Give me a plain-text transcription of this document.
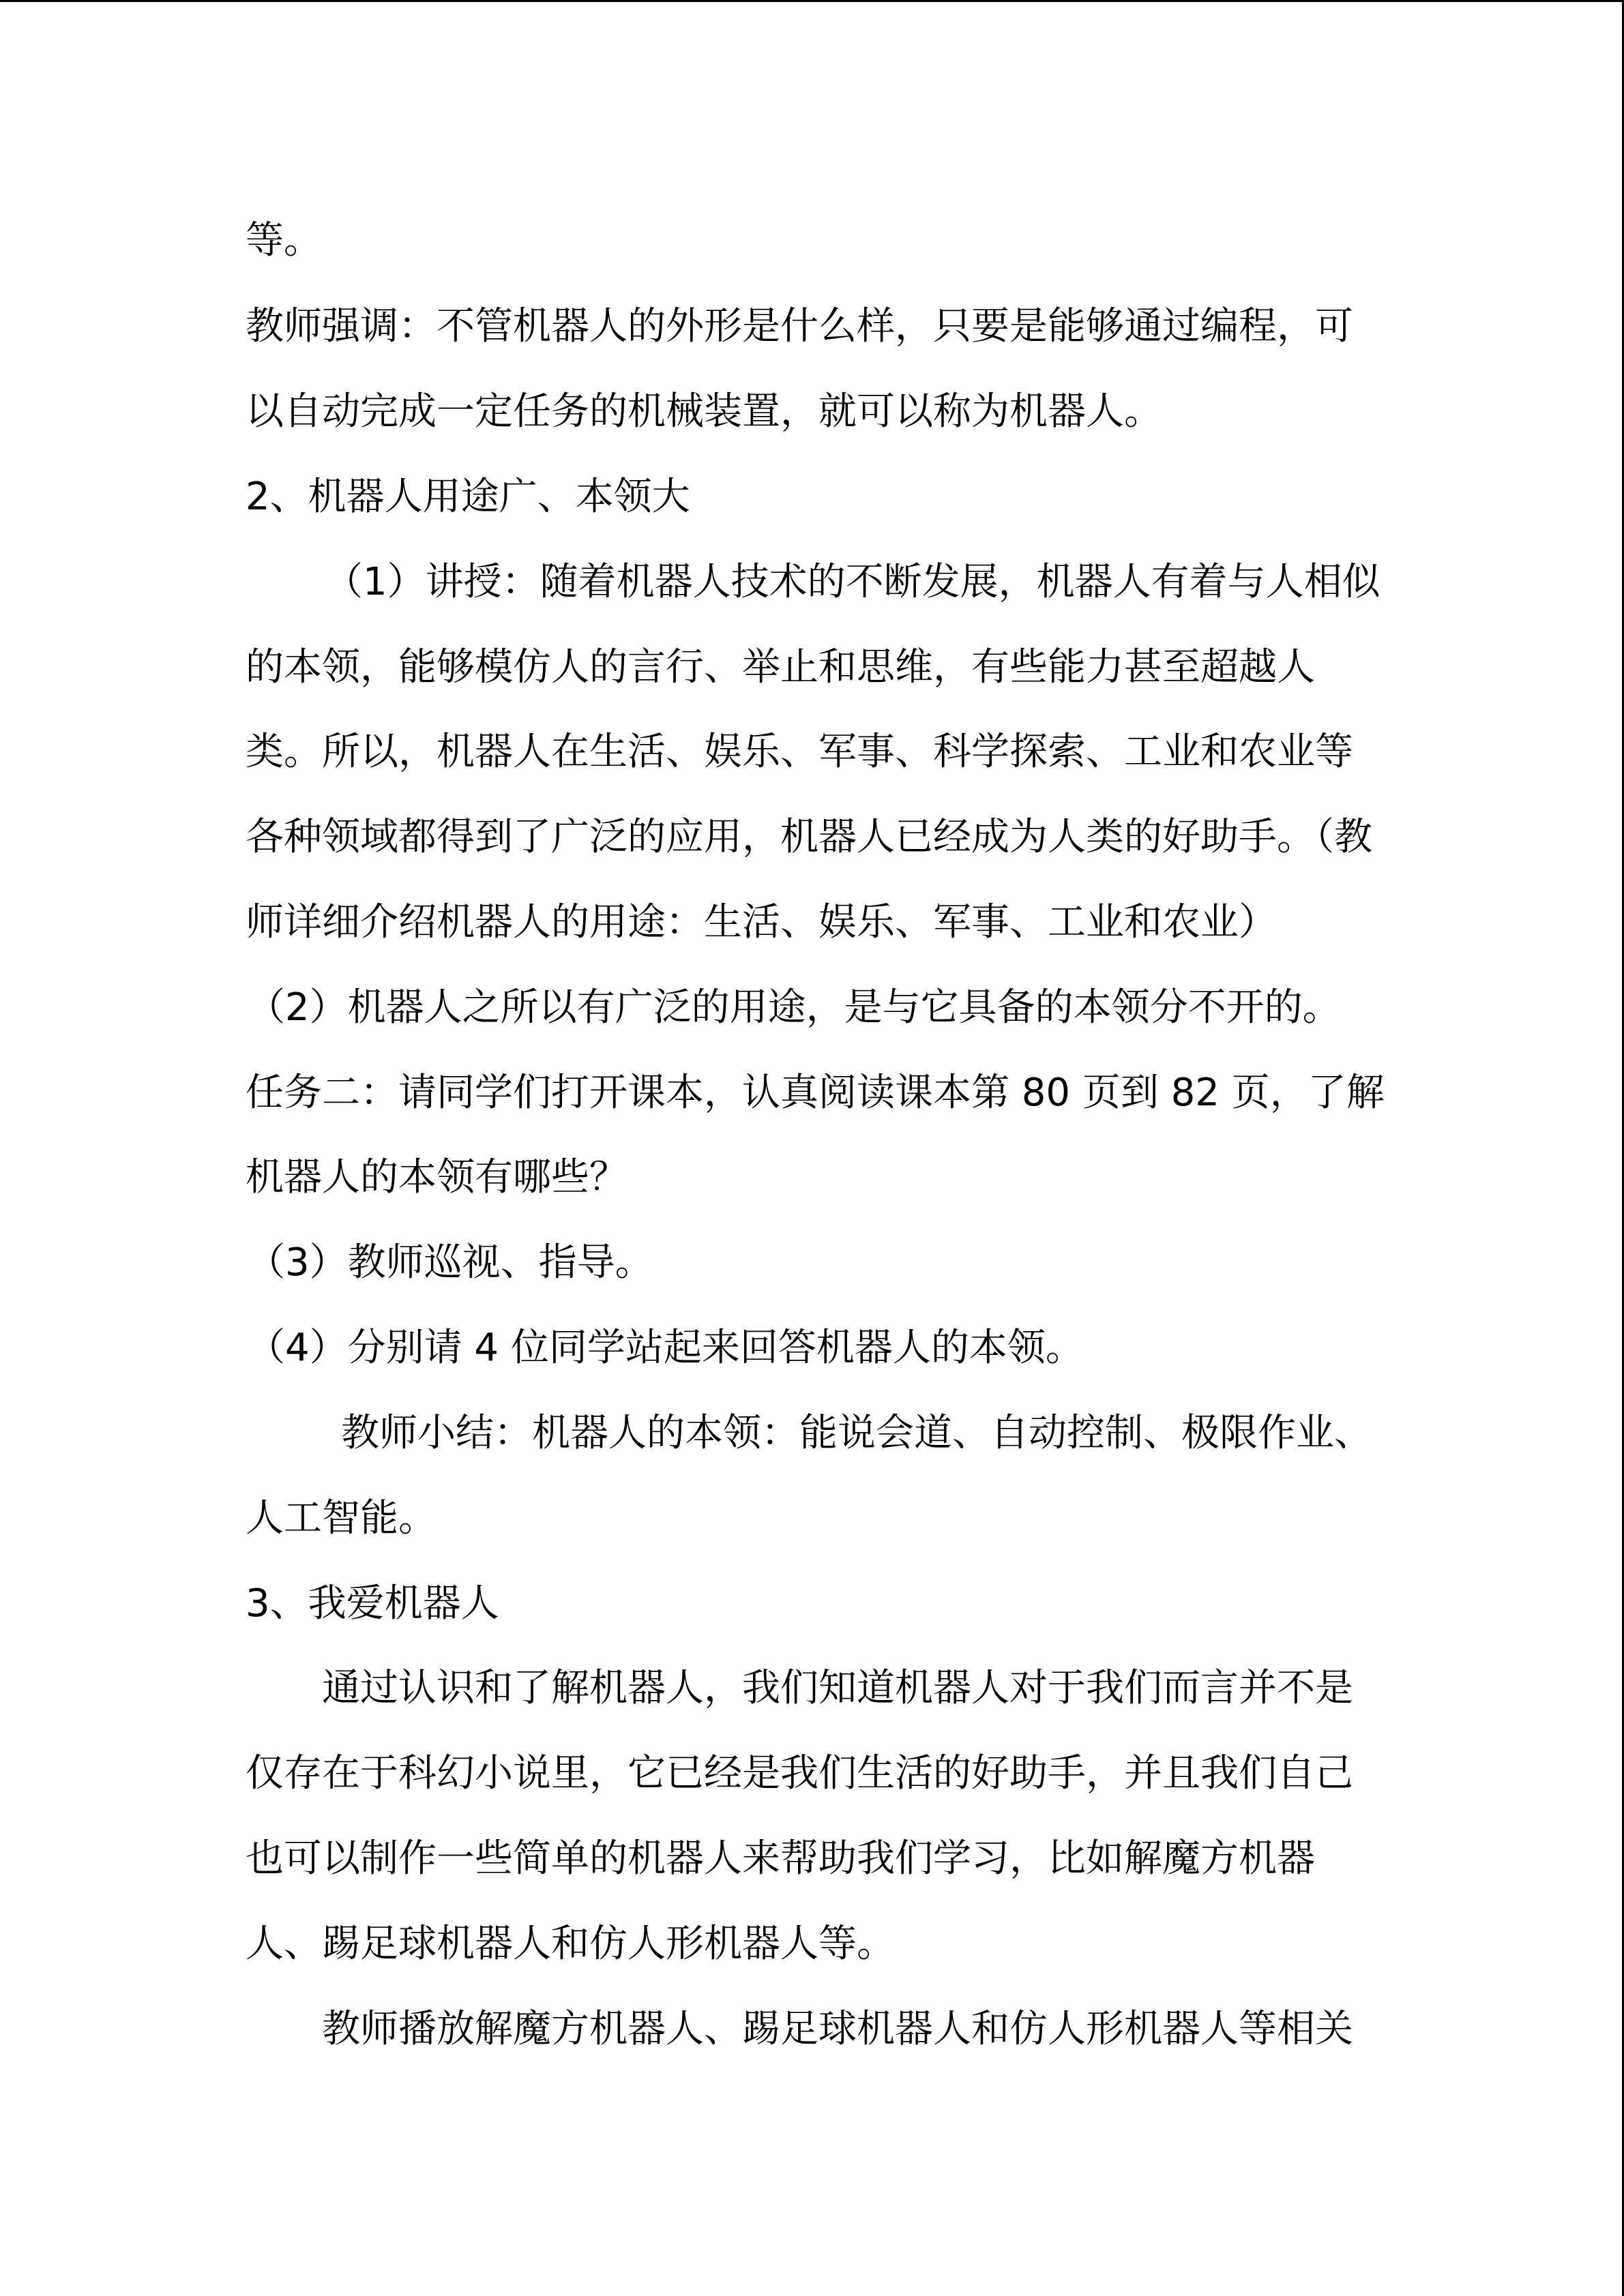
等。

教师强调：不管机器人的外形是什么样，只要是能够通过编程，可

以自动完成一定任务的机械装置，就可以称为机器人。

2、机器人用途广、本领大

（1）讲授：随着机器人技术的不断发展，机器人有着与人相似

的本领，能够模仿人的言行、举止和思维，有些能力甚至超越人

类。所以，机器人在生活、娱乐、军事、科学探索、工业和农业等

各种领域都得到了广泛的应用，机器人已经成为人类的好助手。（教

师详细介绍机器人的用途：生活、娱乐、军事、工业和农业）

（2）机器人之所以有广泛的用途，是与它具备的本领分不开的。

任务二：请同学们打开课本，认真阅读课本第 80 页到 82 页，了解

机器人的本领有哪些？

（3）教师巡视、指导。

（4）分别请 4 位同学站起来回答机器人的本领。

教师小结：机器人的本领：能说会道、自动控制、极限作业、

人工智能。

3、我爱机器人

通过认识和了解机器人，我们知道机器人对于我们而言并不是

仅存在于科幻小说里，它已经是我们生活的好助手，并且我们自己

也可以制作一些简单的机器人来帮助我们学习，比如解魔方机器

人、踢足球机器人和仿人形机器人等。

教师播放解魔方机器人、踢足球机器人和仿人形机器人等相关
